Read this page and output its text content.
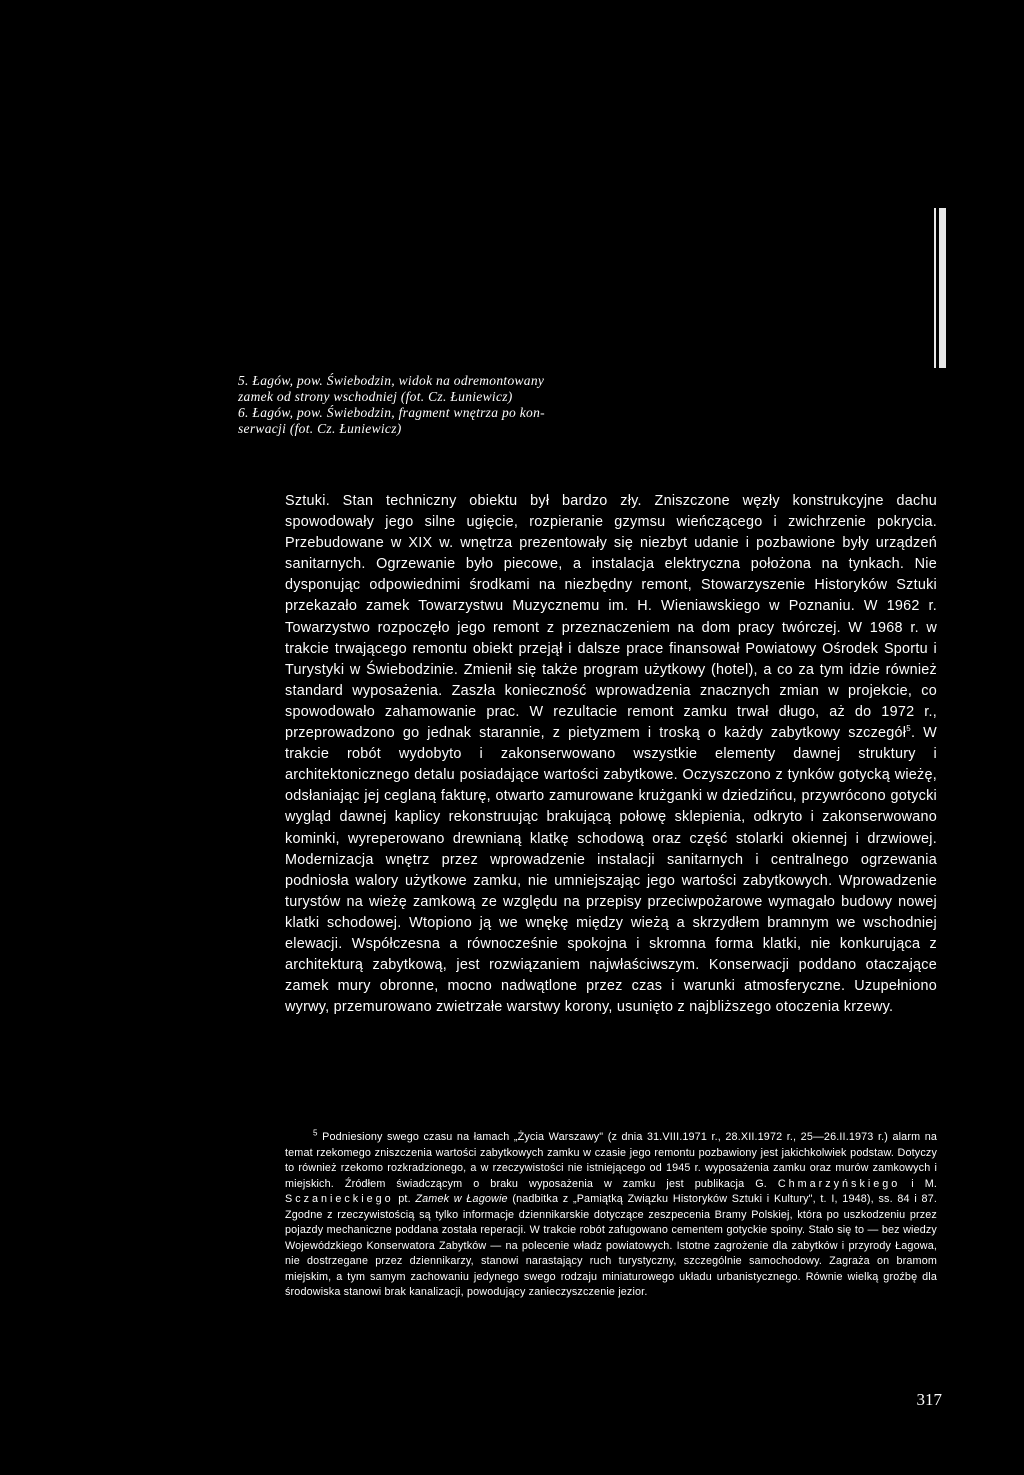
5. Łagów, pow. Świebodzin, widok na odremontowany

zamek od strony wschodniej (fot. Cz. Łuniewicz)

6. Łagów, pow. Świebodzin, fragment wnętrza po kon-

serwacji (fot. Cz. Łuniewicz)

Sztuki. Stan techniczny obiektu był bardzo zły. Zniszczone węzły konstrukcyjne dachu spowodowały jego silne ugięcie, rozpieranie gzymsu wieńczącego i zwichrzenie pokrycia. Przebudowane w XIX w. wnętrza prezentowały się niezbyt udanie i pozbawione były urządzeń sanitarnych. Ogrzewanie było piecowe, a instalacja elektryczna położona na tynkach. Nie dysponując odpowiednimi środkami na niezbędny remont, Stowarzyszenie Historyków Sztuki przekazało zamek Towarzystwu Muzycznemu im. H. Wieniawskiego w Poznaniu. W 1962 r. Towarzystwo rozpoczęło jego remont z przeznaczeniem na dom pracy twórczej. W 1968 r. w trakcie trwającego remontu obiekt przejął i dalsze prace finansował Powiatowy Ośrodek Sportu i Turystyki w Świebodzinie. Zmienił się także program użytkowy (hotel), a co za tym idzie również standard wyposażenia. Zaszła konieczność wprowadzenia znacznych zmian w projekcie, co spowodowało zahamowanie prac. W rezultacie remont zamku trwał długo, aż do 1972 r., przeprowadzono go jednak starannie, z pietyzmem i troską o każdy zabytkowy szczegół$^5$. W trakcie robót wydobyto i zakonserwowano wszystkie elementy dawnej struktury i architektonicznego detalu posiadające wartości zabytkowe. Oczyszczono z tynków gotycką wieżę, odsłaniając jej ceglaną fakturę, otwarto zamurowane krużganki w dziedzińcu, przywrócono gotycki wygląd dawnej kaplicy rekonstruując brakującą połowę sklepienia, odkryto i zakonserwowano kominki, wyreperowano drewnianą klatkę schodową oraz część stolarki okiennej i drzwiowej. Modernizacja wnętrz przez wprowadzenie instalacji sanitarnych i centralnego ogrzewania podniosła walory użytkowe zamku, nie umniejszając jego wartości zabytkowych. Wprowadzenie turystów na wieżę zamkową ze względu na przepisy przeciwpożarowe wymagało budowy nowej klatki schodowej. Wtopiono ją we wnękę między wieżą a skrzydłem bramnym we wschodniej elewacji. Współczesna a równocześnie spokojna i skromna forma klatki, nie konkurująca z architekturą zabytkową, jest rozwiązaniem najwłaściwszym. Konserwacji poddano otaczające zamek mury obronne, mocno nadwątlone przez czas i warunki atmosferyczne. Uzupełniono wyrwy, przemurowano zwietrzałe warstwy korony, usunięto z najbliższego otoczenia krzewy.

$^5$ Podniesiony swego czasu na łamach „Życia Warszawy" (z dnia 31.VIII.1971 r., 28.XII.1972 r., 25—26.II.1973 r.) alarm na temat rzekomego zniszczenia wartości zabytkowych zamku w czasie jego remontu pozbawiony jest jakichkolwiek podstaw. Dotyczy to również rzekomo rozkradzionego, a w rzeczywistości nie istniejącego od 1945 r. wyposażenia zamku oraz murów zamkowych i miejskich. Źródłem świadczącym o braku wyposażenia w zamku jest publikacja G. Chmarzyńskiego i M. Sczanieckiego pt. Zamek w Łagowie (nadbitka z „Pamiątką Związku Historyków Sztuki i Kultury", t. I, 1948), ss. 84 i 87. Zgodne z rzeczywistością są tylko informacje dziennikarskie dotyczące zeszpecenia Bramy Polskiej, która po uszkodzeniu przez pojazdy mechaniczne poddana została reperacji. W trakcie robót zafugowano cementem gotyckie spoiny. Stało się to — bez wiedzy Wojewódzkiego Konserwatora Zabytków — na polecenie władz powiatowych. Istotne zagrożenie dla zabytków i przyrody Łagowa, nie dostrzegane przez dziennikarzy, stanowi narastający ruch turystyczny, szczególnie samochodowy. Zagraża on bramom miejskim, a tym samym zachowaniu jedynego swego rodzaju miniaturowego układu urbanistycznego. Równie wielką groźbę dla środowiska stanowi brak kanalizacji, powodujący zanieczyszczenie jezior.

317
